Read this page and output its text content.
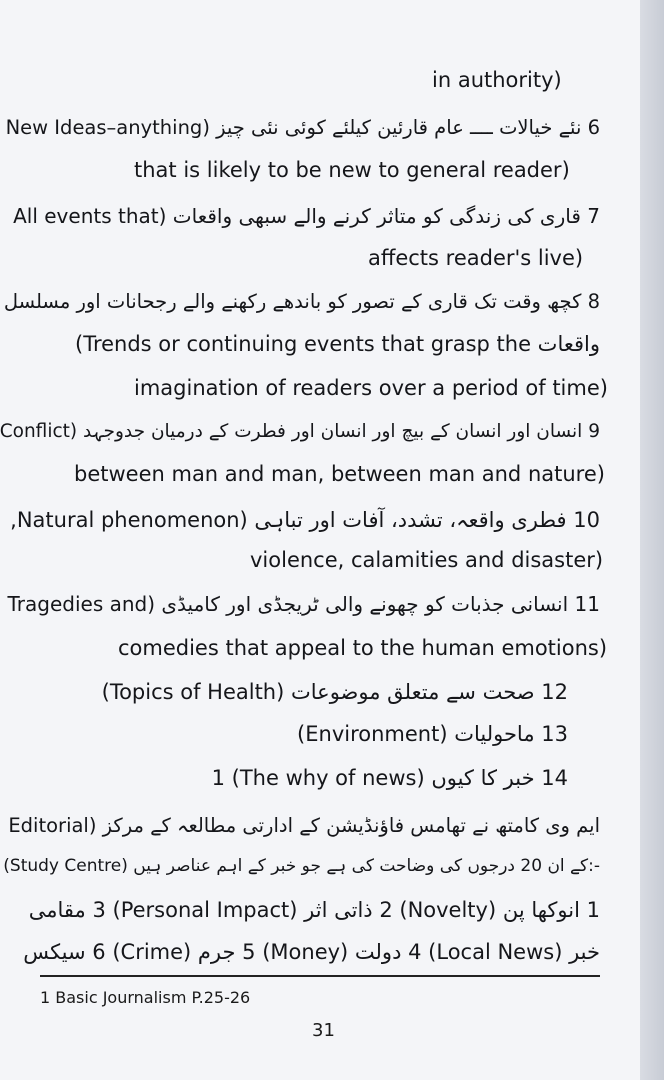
in authority)
6 نئے خیالات ــــ عام قارئین کیلئے کوئی نئی چیز (New Ideas–anything
that is likely to be new to general reader)
7 قاری کی زندگی کو متاثر کرنے والے سبھی واقعات (All events that
affects reader's live)
8 کچھ وقت تک قاری کے تصور کو باندھے رکھنے والے رجحانات اور مسلسل
(Trends or continuing events that grasp the واقعات
imagination of readers over a period of time)
9 انسان اور انسان کے بیچ اور انسان اور فطرت کے درمیان جدوجہد (Conflict
between man and man, between man and nature)
10 فطری واقعہ، تشدد، آفات اور تباہی (Natural phenomenon,
violence, calamities and disaster)
11 انسانی جذبات کو چھونے والی ٹریجڈی اور کامیڈی (Tragedies and
comedies that appeal to the human emotions)
12 صحت سے متعلق موضوعات (Topics of Health)
13 ماحولیات (Environment)
14 خبر کا کیوں (The why of news) 1
ایم وی کامتھ نے تھامس فاؤنڈیشن کے ادارتی مطالعہ کے مرکز (Editorial
(Study Centre) کے ان 20 درجوں کی وضاحت کی ہے جو خبر کے اہم عناصر ہیں:-
1 انوکھا پن (Novelty) 2 ذاتی اثر (Personal Impact) 3 مقامی
خبر (Local News) 4 دولت (Money) 5 جرم (Crime) 6 سیکس
1 Basic Journalism P.25-26
31
